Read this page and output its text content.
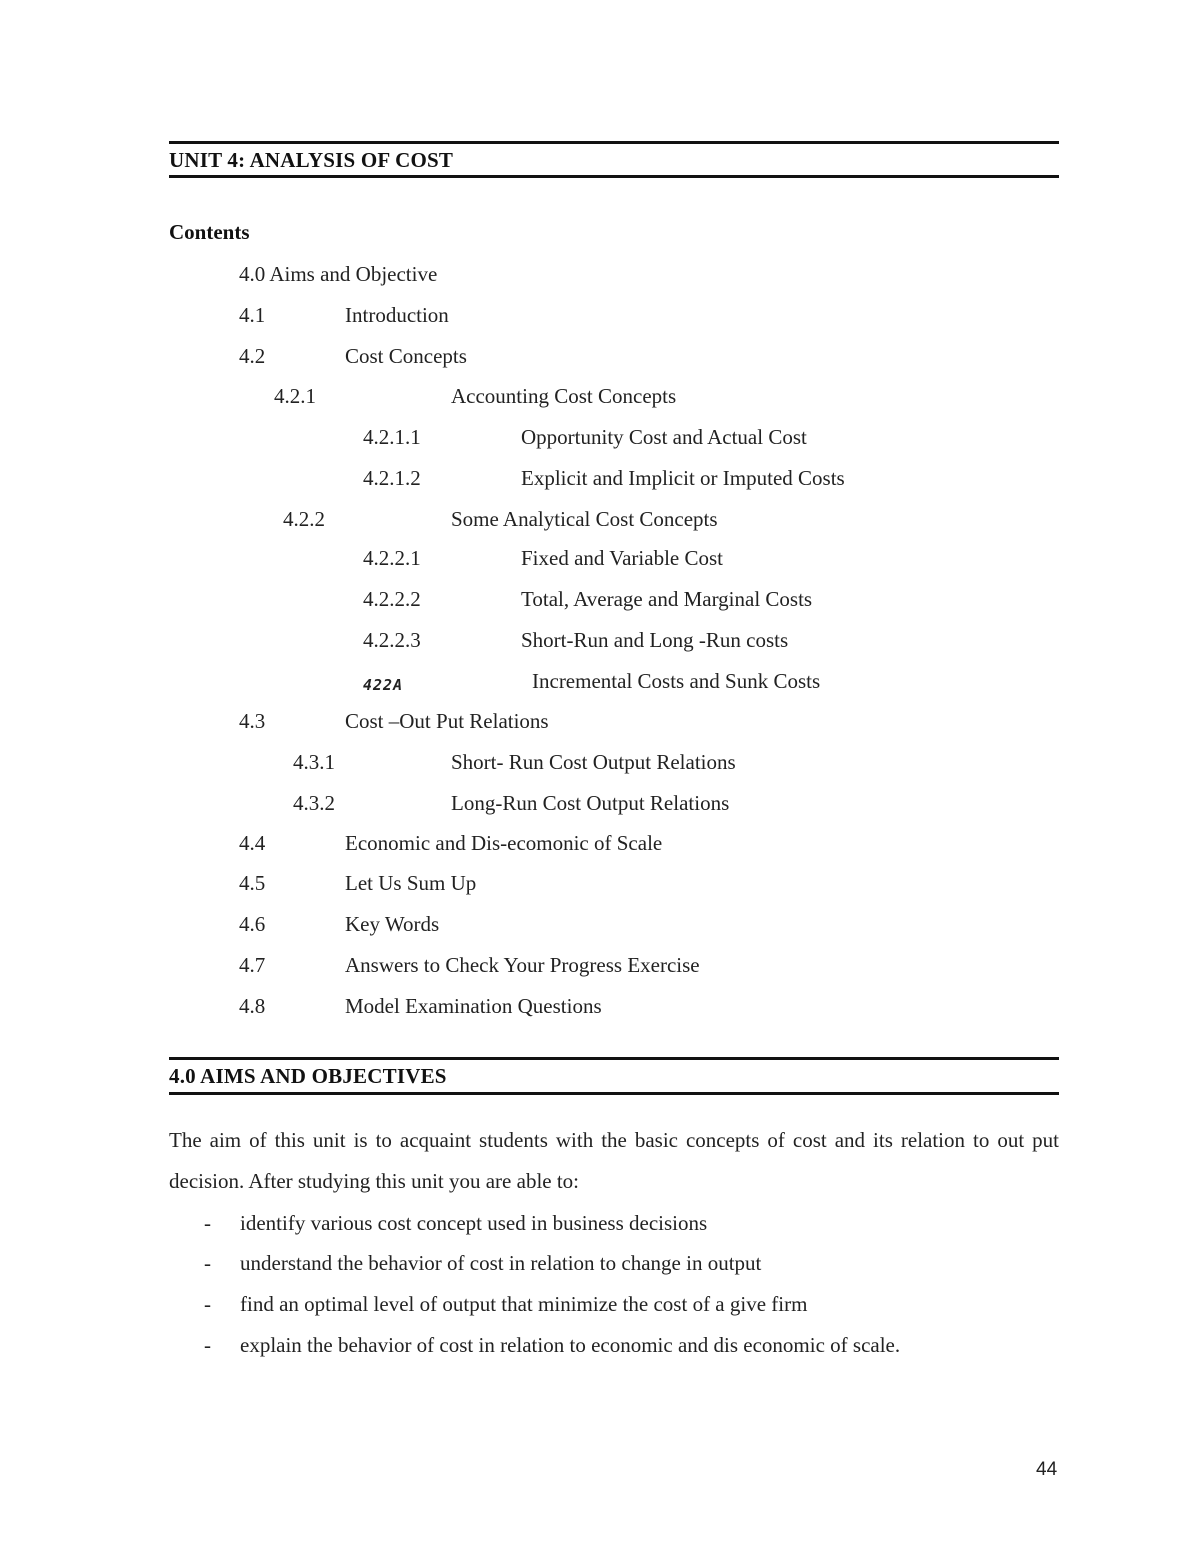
UNIT 4: ANALYSIS OF COST
Contents
4.0 Aims and Objective
4.1	Introduction
4.2	Cost Concepts
4.2.1	Accounting Cost Concepts
4.2.1.1	Opportunity Cost and Actual Cost
4.2.1.2	Explicit and Implicit or Imputed Costs
4.2.2	Some Analytical Cost Concepts
4.2.2.1	Fixed and Variable Cost
4.2.2.2	Total, Average and Marginal Costs
4.2.2.3	Short-Run and Long -Run costs
422A	Incremental Costs and Sunk Costs
4.3	Cost –Out Put Relations
4.3.1	Short- Run Cost Output Relations
4.3.2	Long-Run Cost Output Relations
4.4	Economic and Dis-ecomonic of Scale
4.5	Let Us Sum Up
4.6	Key Words
4.7	Answers to Check Your Progress Exercise
4.8	Model Examination Questions
4.0 AIMS AND OBJECTIVES
The aim of this unit is to acquaint students with the basic concepts of cost and its relation to out put decision. After studying this unit you are able to:
- identify various cost concept used in business decisions
- understand the behavior of cost in relation to change in output
- find an optimal level of output that minimize the cost of a give firm
- explain the behavior of cost in relation to economic and dis economic of scale.
44
